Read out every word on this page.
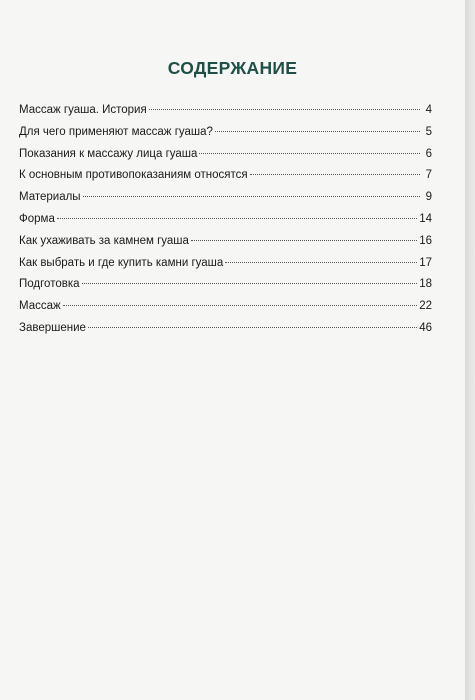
СОДЕРЖАНИЕ
Массаж гуаша. История	4
Для чего применяют массаж гуаша?	5
Показания к массажу лица гуаша	6
К основным противопоказаниям относятся	7
Материалы	9
Форма	14
Как ухаживать за камнем гуаша	16
Как выбрать и где купить камни гуаша	17
Подготовка	18
Массаж	22
Завершение	46
